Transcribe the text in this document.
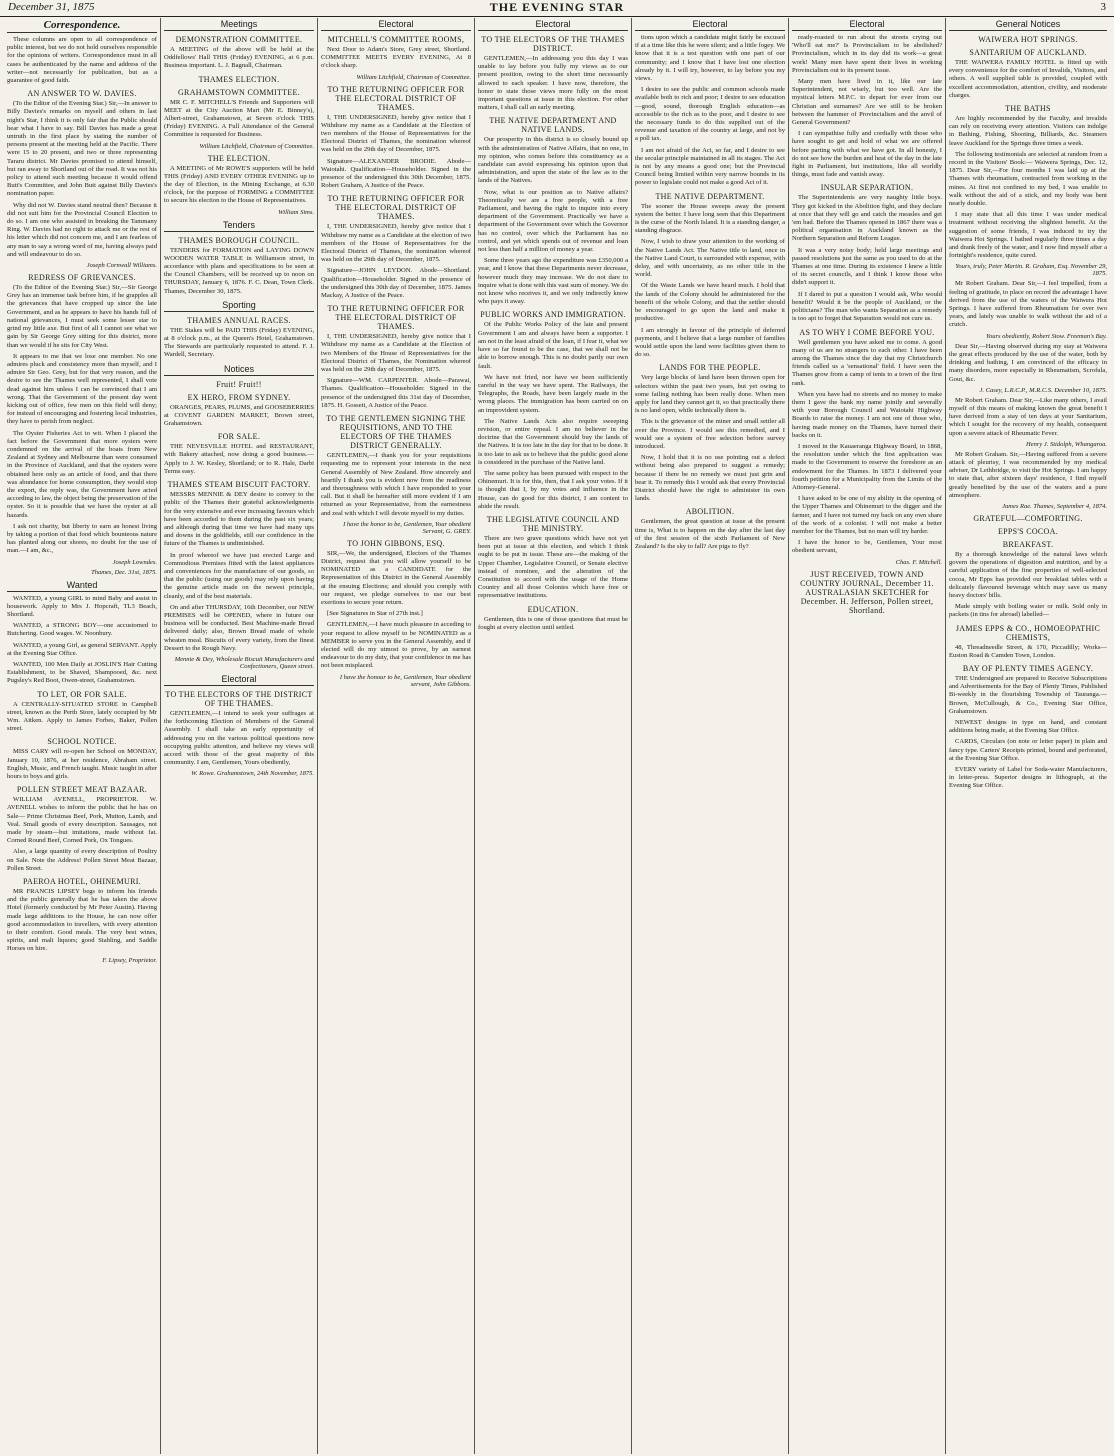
December 31, 1875	THE EVENING STAR	3
Correspondence.
These columns are open to all correspondence of public interest, but we do not hold ourselves responsible for the opinions of writers. Correspondence must in all cases be authenticated by the name and address of the writer—not necessarily for publication, but as a guarantee of good faith.
AN ANSWER TO W. DAVIES.
(To the Editor of the Evening Star.) Sir,—In answer to Billy Davies's remarks on myself and others in last night's Star, I think it is only fair that the Public should hear what I have to say. Bill Davies has made a great untruth in the first place by stating the number of persons present at the meeting held at the Pacific. There were 15 to 20 present, and two or three representing Tararu district. Mr Davies promised to attend himself, but ran away to Shortland out of the road. It was not his policy to attend such meeting because it would offend Butt's Committee, and John Butt against Billy Davies's nomination paper.
Why did not W. Davies stand neutral then? Because it did not suit him for the Provincial Council Election to do so. I am one who assisted in breaking the Tammany Ring. W. Davies had no right to attack me or the rest of his letter which did not concern me, and I am fearless of any man to say a wrong word of me, having always paid and will endeavour to do so.
Joseph Cornwall Williams.
REDRESS OF GRIEVANCES.
(To the Editor of the Evening Star.) Sir,—Sir George Grey has an immense task before him, if he grapples all the grievances that have cropped up since the late Government, and as he appears to have his hands full of national grievances, I must seek some lesser star to grind my little axe. But first of all I cannot see what we gain by Sir George Grey sitting for this district, more than we would if he sits for City West.
It appears to me that we lose one member. No one admires pluck and consistency more than myself, and I admire Sir Geo. Grey, but for that very reason, and the desire to see the Thames well represented, I shall vote dead against him unless I can be convinced that I am wrong. That the Government of the present day went kicking out of office, few men on this field will deny; for instead of encouraging and fostering local industries, they have to perish from neglect.
The Oyster Fisheries Act to wit. When I placed the fact before the Government that more oysters were condemned on the arrival of the boats from New Zealand at Sydney and Melbourne than were consumed in the Province of Auckland, and that the oysters were obtained here only as an article of food, and that there was abundance for home consumption, they would stop the export, the reply was, the Government have acted according to law, the object being the preservation of the oyster. So it is possible that we have the oyster at all hazards.
I ask not charity, but liberty to earn an honest living by taking a portion of that food which bounteous nature has planted along our shores, no doubt for the use of man.—I am, &c.,
Joseph Lowndes.
Thames, Dec. 31st, 1875.
Wanted
WANTED, a young GIRL to mind Baby and assist in housework. Apply to Mrs J. Hopcraft, TL3 Beach, Shortland.
WANTED, a STRONG BOY—one accustomed to Butchering. Good wages. W. Noonbury.
WANTED, a young Girl, as general SERVANT. Apply at the Evening Star Office.
WANTED, 100 Men Daily at JOSLIN'S Hair Cutting Establishment, to be Shaved, Shampooed, &c. next Pugsley's Red Boot, Owen-street, Grahamstown.
TO LET, OR FOR SALE.
A CENTRALLY-SITUATED STORE in Campbell street, known as the Perth Store, lately occupied by Mr Wm. Aitken. Apply to James Forbes, Baker, Pollen street.
SCHOOL NOTICE.
MISS CARY will re-open her School on MONDAY, January 10, 1876, at her residence, Abraham street. English, Music, and French taught. Music taught in after hours to boys and girls.
POLLEN STREET MEAT BAZAAR.
WILLIAM AVENELL, PROPRIETOR. W. AVENELL wishes to inform the public that he has on Sale— Prime Christmas Beef, Pork, Mutton, Lamb, and Veal. Small goods of every description. Sausages, not made by steam—but imitations, made without fat. Corned Round Beef, Corned Pork, Ox Tongues.
Also, a large quantity of every description of Poultry on Sale. Note the Address! Pollen Street Meat Bazaar, Pollen Street.
PAEROA HOTEL, OHINEMURI.
MR FRANCIS LIPSEY begs to inform his friends and the public generally that he has taken the above Hotel (formerly conducted by Mr Peter Austin). Having made large additions to the House, he can now offer good accommodation to travellers, with every attention to their comfort. Good meals. The very best wines, spirits, and malt liquors; good Stabling, and Saddle Horses on hire.
F. Lipsey, Proprietor.
Meetings
DEMONSTRATION COMMITTEE.
A MEETING of the above will be held at the Oddfellows' Hall THIS (Friday) EVENING, at 6 p.m. Business important. L. J. Bagnall, Chairman.
THAMES ELECTION.
GRAHAMSTOWN COMMITTEE.
MR C. F. MITCHELL'S Friends and Supporters will MEET at the City Auction Mart (Mr E. Binney's), Albert-street, Grahamstown, at Seven o'clock THIS (Friday) EVENING. A Full Attendance of the General Committee is requested for Business.
William Litchfield, Chairman of Committee.
THE ELECTION.
A MEETING of Mr ROWE'S supporters will be held THIS (Friday) AND EVERY OTHER EVENING up to the day of Election, in the Mining Exchange, at 6.30 o'clock, for the purpose of FORMING a COMMITTEE to secure his election to the House of Representatives.
William Sims.
Tenders
THAMES BOROUGH COUNCIL.
TENDERS for FORMATION and LAYING DOWN WOODEN WATER TABLE in Williamson street, in accordance with plans and specifications to be seen at the Council Chambers, will be received up to noon on THURSDAY, January 6, 1876. F. C. Dean, Town Clerk. Thames, December 30, 1875.
Sporting
THAMES ANNUAL RACES.
THE Stakes will be PAID THIS (Friday) EVENING, at 8 o'clock p.m., at the Queen's Hotel, Grahamstown. The Stewards are particularly requested to attend. F. J. Wardell, Secretary.
Notices
Fruit! Fruit!!
EX HERO, FROM SYDNEY.
ORANGES, PEARS, PLUMS, and GOOSEBERRIES at COVENT GARDEN MARKET, Brown street, Grahamstown.
FOR SALE.
THE NEVESVILLE HOTEL and RESTAURANT, with Bakery attached, now doing a good business.—Apply to J. W. Kesley, Shortland; or to R. Hale, Darbi Terms easy.
THAMES STEAM BISCUIT FACTORY.
MESSRS MENNIE & DEY desire to convey to the public of the Thames their grateful acknowledgments for the very extensive and ever increasing favours which have been accorded to them during the past six years; and although during that time we have had many ups and downs in the goldfields, still our confidence in the future of the Thames is undiminished.
In proof whereof we have just erected Large and Commodious Premises fitted with the latest appliances and conveniences for the manufacture of our goods, so that the public (using our goods) may rely upon having the genuine article made on the newest principle, cleanly, and of the best materials.
On and after THURSDAY, 16th December, our NEW PREMISES will be OPENED, where in future our business will be conducted. Best Machine-made Bread delivered daily; also, Brown Bread made of whole wheaten meal. Biscuits of every variety, from the finest Dessert to the Rough Navy.
Mennie & Dey, Wholesale Biscuit Manufacturers and Confectioners, Queen street.
Electoral
TO THE ELECTORS OF THE DISTRICT OF THE THAMES.
GENTLEMEN,—I intend to seek your suffrages at the forthcoming Election of Members of the General Assembly. I shall take an early opportunity of addressing you on the various political questions now occupying public attention, and believe my views will accord with those of the great majority of this community. I am, Gentlemen, Yours obediently,
W. Rowe. Grahamstown, 24th November, 1875.
Electoral
MITCHELL'S COMMITTEE ROOMS,
Next Door to Adam's Store, Grey street, Shortland. COMMITTEE MEETS EVERY EVENING, At 8 o'clock sharp.
William Litchfield, Chairman of Committee.
TO THE RETURNING OFFICER FOR THE ELECTORAL DISTRICT OF THAMES.
I, THE UNDERSIGNED, hereby give notice that I Withdraw my name as a Candidate at the Election of two members of the House of Representatives for the Electoral District of Thames, the nomination whereof was held on the 29th day of December, 1875.
Signature—ALEXANDER BRODIE. Abode—Waiotahi. Qualification—Householder. Signed in the presence of the undersigned this 30th December, 1875. Robert Graham, A Justice of the Peace.
TO THE RETURNING OFFICER FOR THE ELECTORAL DISTRICT OF THAMES.
I, THE UNDERSIGNED, hereby give notice that I Withdraw my name as a Candidate at the election of two members of the House of Representatives for the Electoral District of Thames, the nomination whereof was held on the 29th day of December, 1875.
Signature—JOHN LEYDON. Abode—Shortland. Qualification—Householder. Signed in the presence of the undersigned this 30th day of December, 1875. James Mackay, A Justice of the Peace.
TO THE RETURNING OFFICER FOR THE ELECTORAL DISTRICT OF THAMES.
I, THE UNDERSIGNED, hereby give notice that I Withdraw my name as a Candidate at the Election of two Members of the House of Representatives for the Electoral District of Thames, the Nomination whereof was held on the 29th day of December, 1875.
Signature—WM. CARPENTER. Abode—Parawai, Thames. Qualification—Householder. Signed in the presence of the undersigned this 31st day of December, 1875. H. Gossett, A Justice of the Peace.
TO THE GENTLEMEN SIGNING THE REQUISITIONS, AND TO THE ELECTORS OF THE THAMES DISTRICT GENERALLY.
GENTLEMEN,—I thank you for your requisitions requesting me to represent your interests in the next General Assembly of New Zealand. How sincerely and heartily I thank you is evident now from the readiness and thoroughness with which I have responded to your call. But it shall be hereafter still more evident if I am returned as your Representative, from the earnestness and zeal with which I will devote myself to my duties.
I have the honor to be, Gentlemen, Your obedient Servant, G. GREY.
TO JOHN GIBBONS, ESQ.
SIR,—We, the undersigned, Electors of the Thames District, request that you will allow yourself to be NOMINATED as a CANDIDATE for the Representation of this District in the General Assembly at the ensuing Elections; and should you comply with our request, we pledge ourselves to use our best exertions to secure your return.
[See Signatures in Star of 27th inst.]
GENTLEMEN,—I have much pleasure in acceding to your request to allow myself to be NOMINATED as a MEMBER to serve you in the General Assembly, and if elected will do my utmost to prove, by an earnest endeavour to do my duty, that your confidence in me has not been misplaced.
I have the honour to be, Gentlemen, Your obedient servant, John Gibbons.
Electoral
TO THE ELECTORS OF THE THAMES DISTRICT.
GENTLEMEN,—In addressing you this day I was unable to lay before you fully my views as to our present position, owing to the short time necessarily allowed to each speaker. I have now, therefore, the honor to state those views more fully on the most important questions at issue in this election. For other matters, I shall call an early meeting.
THE NATIVE DEPARTMENT AND NATIVE LANDS.
Our prosperity in this district is so closely bound up with the administration of Native Affairs, that no one, in my opinion, who comes before this constituency as a candidate can avoid expressing his opinion upon that administration, and upon the state of the law as to the lands of the Natives.
Now, what is our position as to Native affairs? Theoretically we are a free people, with a free Parliament, and having the right to inquire into every department of the Government. Practically we have a department of the Government over which the Governor has no control, over which the Parliament has no control, and yet which spends out of revenue and loan not less than half a million of money a year.
Some three years ago the expenditure was £350,000 a year, and I know that these Departments never decrease, however much they may increase. We do not dare to inquire what is done with this vast sum of money. We do not know who receives it, and we only indirectly know who pays it away.
PUBLIC WORKS AND IMMIGRATION.
Of the Public Works Policy of the late and present Government I am and always have been a supporter. I am not in the least afraid of the loan, if I fear it, what we have so far found to be the case, that we shall not be able to borrow enough. This is no doubt partly our own fault.
We have not fried, nor have we been sufficiently careful in the way we have spent. The Railways, the Telegraphs, the Roads, have been largely made in the wrong places. The immigration has been carried on on an improvident system.
The Native Lands Acts also require sweeping revision, or entire repeal. I am no believer in the doctrine that the Government should buy the lands of the Natives. It is too late in the day for that to be done. It is too late to ask us to believe that the public good alone is considered in the purchase of the Native land.
The same policy has been pursued with respect to the Ohinemuri. It is for this, then, that I ask your votes. If it is thought that I, by my votes and influence in the House, can do good for this district, I am content to abide the result.
THE LEGISLATIVE COUNCIL AND THE MINISTRY.
There are two grave questions which have not yet been put at issue at this election, and which I think ought to be put in issue. These are—the making of the Upper Chamber, Legislative Council, or Senate elective instead of nominee, and the alteration of the Constitution to accord with the usage of the Home Country and all those Colonies which have free or representative institutions.
EDUCATION.
Gentlemen, this is one of those questions that must be fought at every election until settled.
Electoral
tions upon which a candidate might fairly be excused if at a time like this he were silent; and a little fogey. We know that it is a test question with one part of our community; and I know that I have lost one election already by it. I will try, however, to lay before you my views.
I desire to see the public and common schools made available both to rich and poor; I desire to see education—good, sound, thorough English education—as accessible to the rich as to the poor, and I desire to see the necessary funds to do this supplied out of the revenue and taxation of the country at large, and not by a poll tax.
I am not afraid of the Act, so far, and I desire to see the secular principle maintained in all its stages. The Act is not by any means a good one; but the Provincial Council being limited within very narrow bounds in its power to legislate could not make a good Act of it.
THE NATIVE DEPARTMENT.
The sooner the House sweeps away the present system the better. I have long seen that this Department is the curse of the North Island. It is a standing danger, a standing disgrace.
Now, I wish to draw your attention to the working of the Native Lands Act. The Native title to land, once in the Native Land Court, is surrounded with expense, with delay, and with uncertainty, as no other title in the world.
Of the Waste Lands we have heard much. I hold that the lands of the Colony should be administered for the benefit of the whole Colony, and that the settler should be encouraged to go upon the land and make it productive.
I am strongly in favour of the principle of deferred payments, and I believe that a large number of families would settle upon the land were facilities given them to do so.
LANDS FOR THE PEOPLE.
Very large blocks of land have been thrown open for selectors within the past two years, but yet owing to some failing nothing has been really done. When men apply for land they cannot get it, so that practically there is no land open, while technically there is.
This is the grievance of the miner and small settler all over the Province. I would see this remedied, and I would see a system of free selection before survey introduced.
Now, I hold that it is no use pointing out a defect without being also prepared to suggest a remedy; because if there be no remedy we must just grin and bear it. To remedy this I would ask that every Provincial District should have the right to administer its own lands.
ABOLITION.
Gentlemen, the great question at issue at the present time is, What is to happen on the day after the last day of the first session of the sixth Parliament of New Zealand? Is the sky to fall? Are pigs to fly?
Electoral
ready-roasted to run about the streets crying out 'Who'll eat me?' Is Provincialism to be abolished? Provincialism, which in its day did its work—a great work! Many men have spent their lives in working Provincialism out to its present issue.
Many men have lived in it, like our late Superintendent, not wisely, but too well. Are the mystical letters M.P.C. to depart for ever from our Christian and surnames? Are we still to be broken between the hammer of Provincialism and the anvil of General Government?
I can sympathise fully and cordially with those who have sought to get and hold of what we are offered before parting with what we have got. In all honesty, I do not see how the burden and heat of the day in the late fight in Parliament, but institutions, like all worldly things, must fade and vanish away.
INSULAR SEPARATION.
The Superintendents are very naughty little boys. They got kicked in the Abolition fight, and they declare at once that they will go and catch the measles and get 'em bad. Before the Thames opened in 1867 there was a political organisation in Auckland known as the Northern Separation and Reform League.
It was a very noisy body; held large meetings and passed resolutions just the same as you used to do at the Thames at one time. During its existence I knew a little of its secret councils, and I think I know those who didn't support it.
If I dared to put a question I would ask, Who would benefit? Would it be the people of Auckland, or the politicians? The man who wants Separation as a remedy is too apt to forget that Separation would not cure us.
AS TO WHY I COME BEFORE YOU.
Well gentlemen you have asked me to come. A good many of us are no strangers to each other. I have been among the Thames since the day that my Christchurch friends called us a 'sensational' field. I have seen the Thames grow from a camp of tents to a town of the first rank.
When you have had no streets and no money to make them I gave the bank my name jointly and severally with your Borough Council and Waiotahi Highway Boards to raise the money. I am not one of those who, having made money on the Thames, have turned their backs on it.
I moved in the Kauaeranga Highway Board, in 1868, the resolution under which the first application was made to the Government to reserve the foreshore as an endowment for the Thames. In 1873 I delivered your fourth petition for a Municipality from the Limits of the Attorney-General.
I have asked to be one of my ability in the opening of the Upper Thames and Ohinemuri to the digger and the farmer, and I have not turned my back on any own share of the work of a colonist. I will not make a better member for the Thames, but no man will try harder.
I have the honor to be, Gentlemen, Your most obedient servant,
Chas. F. Mitchell.
JUST RECEIVED, TOWN AND COUNTRY JOURNAL, December 11. AUSTRALASIAN SKETCHER for December. H. Jefferson, Pollen street, Shortland.
General Notices
WAIWERA HOT SPRINGS.
SANITARIUM OF AUCKLAND.
THE WAIWERA FAMILY HOTEL is fitted up with every convenience for the comfort of Invalids, Visitors, and others. A well supplied table is provided, coupled with excellent accommodation, attention, civility, and moderate charges.
THE BATHS
Are highly recommended by the Faculty, and invalids can rely on receiving every attention. Visitors can indulge in Bathing, Fishing, Shooting, Billiards, &c. Steamers leave Auckland for the Springs three times a week.
The following testimonials are selected at random from a record in the Visitors' Book:— Waiwera Springs, Dec. 12, 1875. Dear Sir,—For four months I was laid up at the Thames with rheumatism, contracted from working in the mines. At first not confined to my bed, I was unable to walk without the aid of a stick, and my body was bent nearly double.
I may state that all this time I was under medical treatment without receiving the slightest benefit. At the suggestion of some friends, I was induced to try the Waiwera Hot Springs. I bathed regularly three times a day and drank freely of the water, and I now find myself after a fortnight's residence, quite cured.
Yours, truly, Peter Martin. R. Graham, Esq. November 29, 1875.
Mr Robert Graham. Dear Sir,—I feel impelled, from a feeling of gratitude, to place on record the advantage I have derived from the use of the waters of the Waiwera Hot Springs. I have suffered from Rheumatism for over two years, and lately was unable to walk without the aid of a crutch.
Yours obediently, Robert Stow. Freeman's Bay.
Dear Sir,—Having observed during my stay at Waiwera the great effects produced by the use of the water, both by drinking and bathing, I am convinced of the efficacy in many disorders, more especially in Rheumatism, Scrofula, Gout, &c.
J. Casey, L.R.C.P., M.R.C.S. December 10, 1875.
Mr Robert Graham. Dear Sir,—Like many others, I avail myself of this means of making known the great benefit I have derived from a stay of ten days at your Sanitarium, which I sought for the recovery of my health, consequent upon a severe attack of Rheumatic Fever.
Henry J. Stidolph, Whangaroa.
Mr Robert Graham. Sir,—Having suffered from a severe attack of pleurisy, I was recommended by my medical adviser, Dr Lethbridge, to visit the Hot Springs. I am happy to state that, after sixteen days' residence, I find myself greatly benefited by the use of the waters and a pure atmosphere.
James Rae. Thames, September 4, 1874.
GRATEFUL—COMFORTING.
EPPS'S COCOA.
BREAKFAST.
By a thorough knowledge of the natural laws which govern the operations of digestion and nutrition, and by a careful application of the fine properties of well-selected cocoa, Mr Epps has provided our breakfast tables with a delicately flavoured beverage which may save us many heavy doctors' bills.
Made simply with boiling water or milk. Sold only in packets (in tins for abroad) labelled—
JAMES EPPS & CO., HOMOEOPATHIC CHEMISTS,
48, Threadneedle Street, & 170, Piccadilly; Works—Euston Road & Camden Town, London.
BAY OF PLENTY TIMES AGENCY.
THE Undersigned are prepared to Receive Subscriptions and Advertisements for the Bay of Plenty Times, Published Bi-weekly in the flourishing Township of Tauranga.— Brown, McCullough, & Co., Evening Star Office, Grahamstown.
NEWEST designs in type on hand, and constant additions being made, at the Evening Star Office.
CARDS, Circulars (on note or letter paper) in plain and fancy type. Carters' Receipts printed, bound and perforated, at the Evening Star Office.
EVERY variety of Label for Soda-water Manufacturers, in letter-press. Superior designs in lithograph, at the Evening Star Office.
